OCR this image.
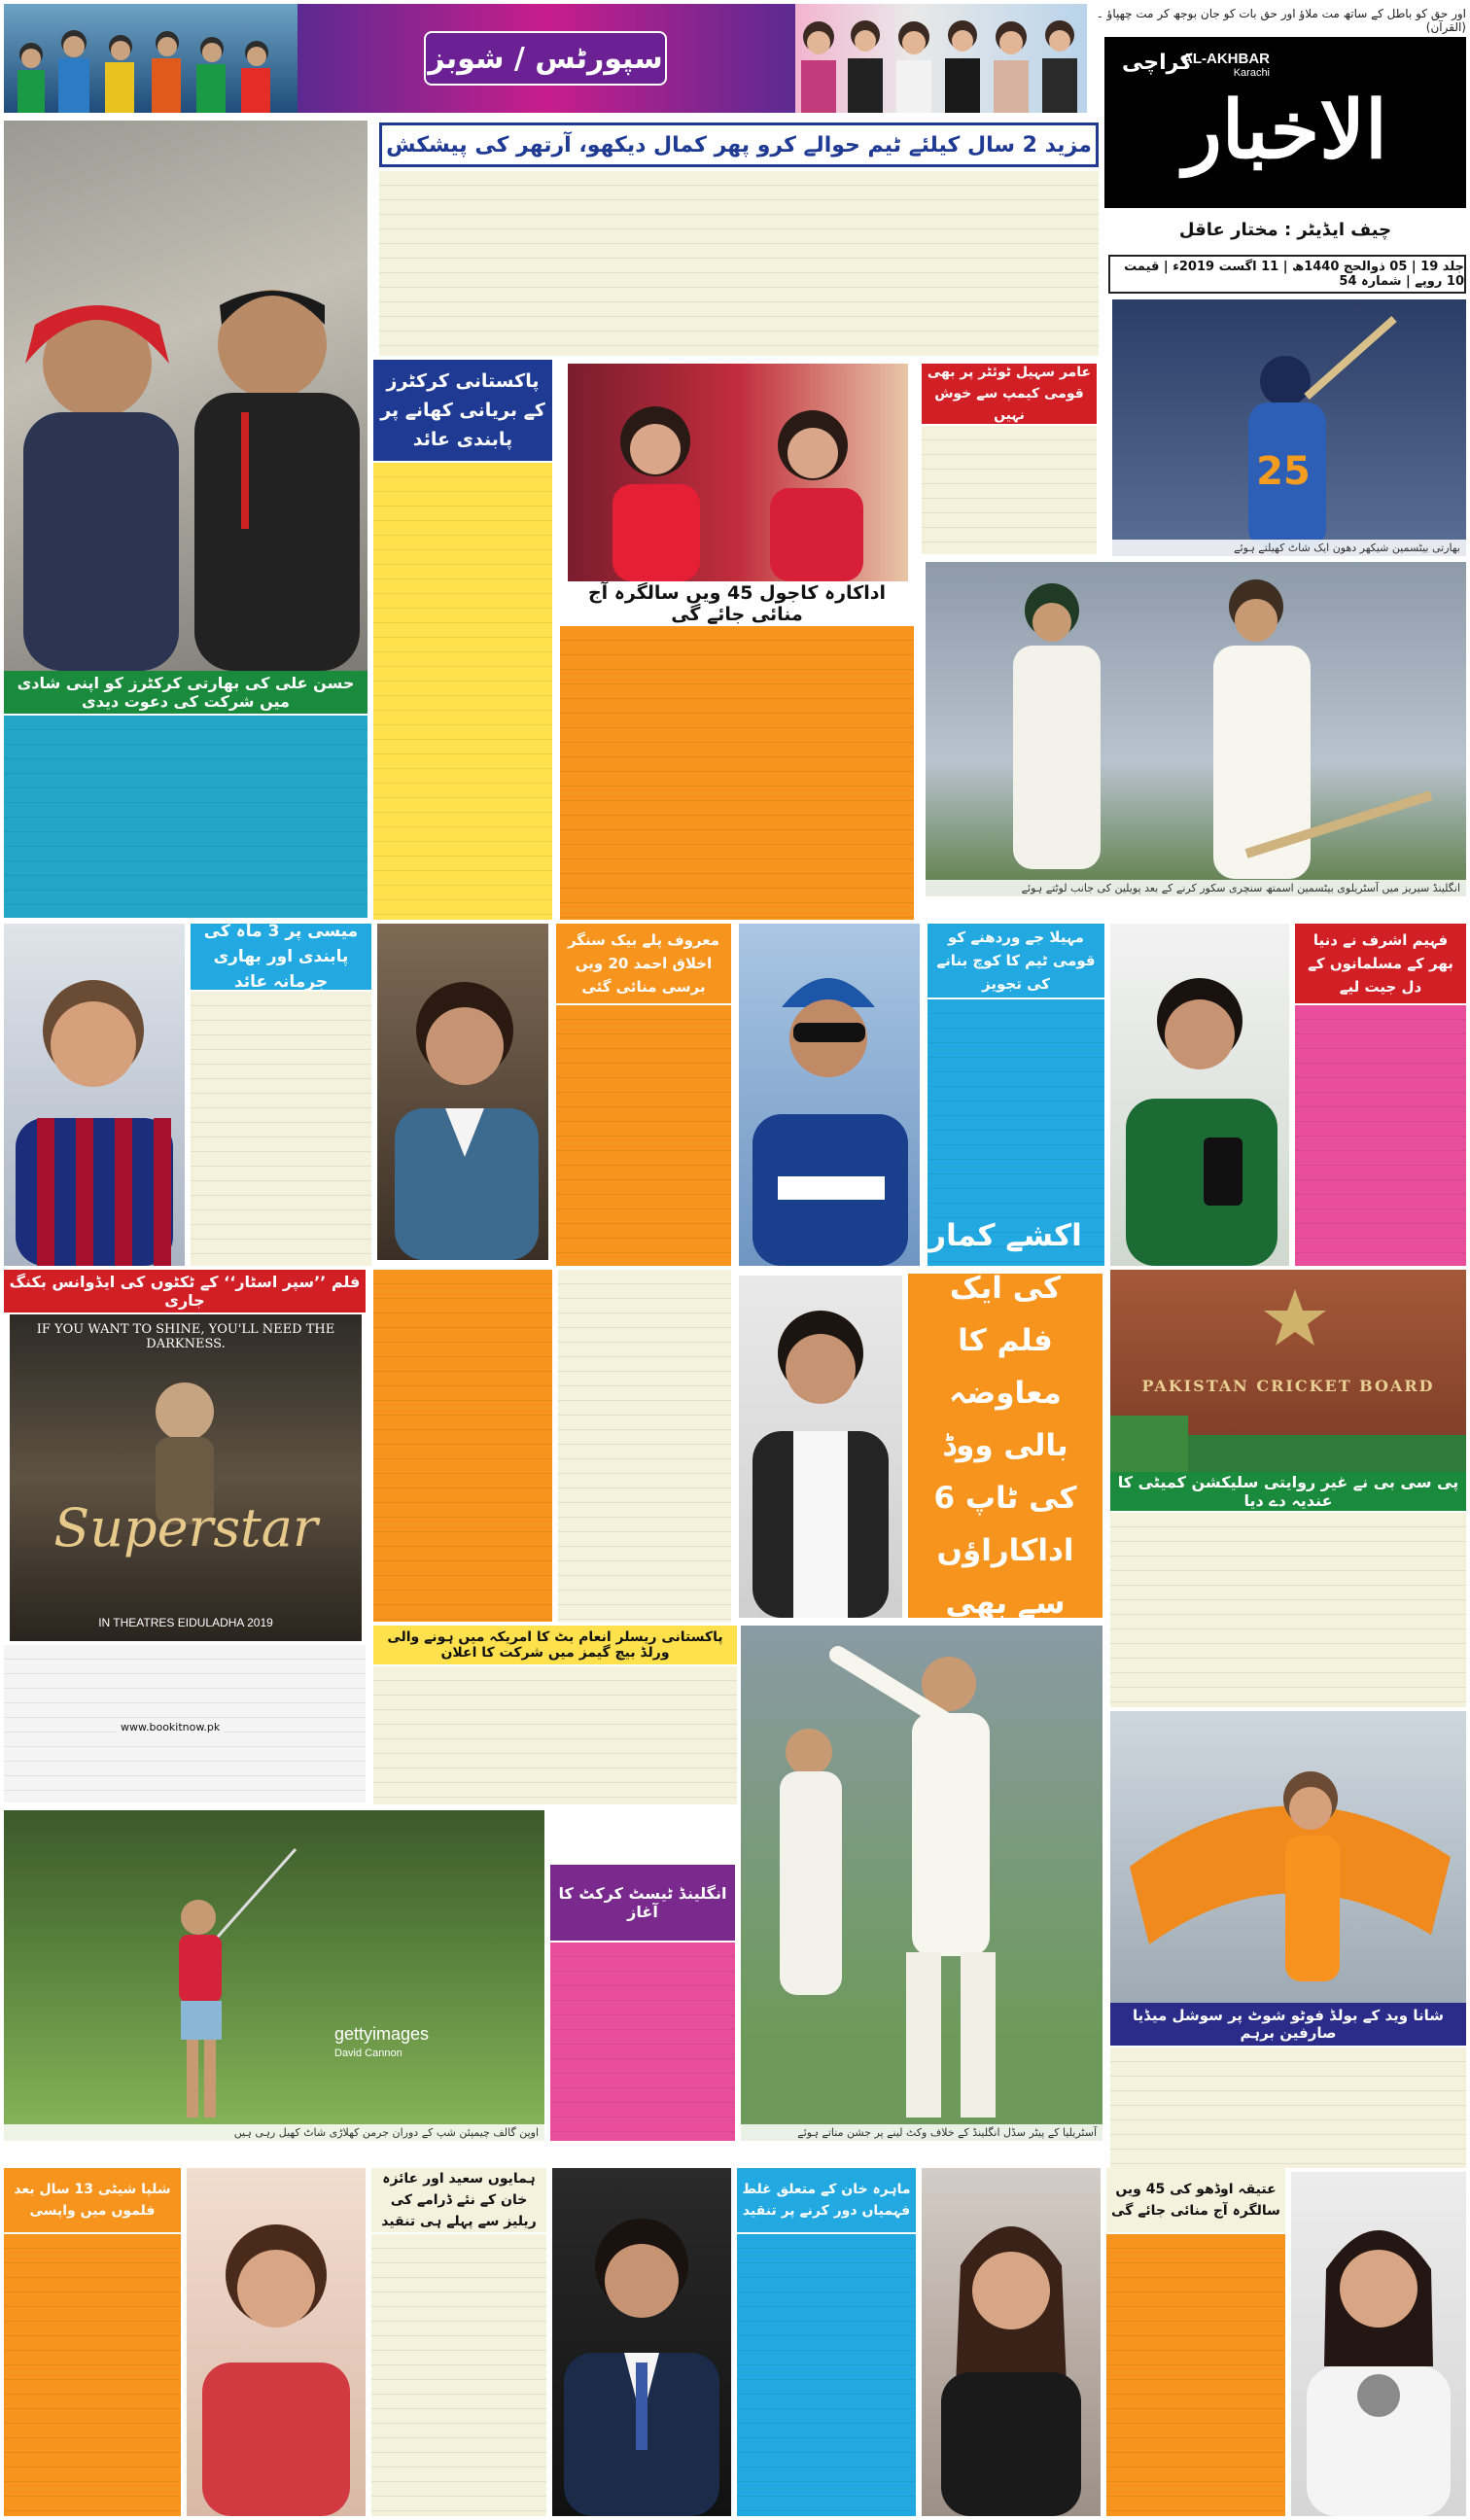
سپورٹس / شوبز
اور حق کو باطل کے ساتھ مت ملاؤ اور حق بات کو جان بوجھ کر مت چھپاؤ ۔ (القرآن)
AL-AKHBAR
Karachi
کراچی
الاخبار
چیف ایڈیٹر : مختار عاقل
جلد 19 | 05 ذوالحج 1440ھ | 11 اگست 2019ء | قیمت 10 روپے | شمارہ 54
حسن علی کی بھارتی کرکٹرز کو اپنی شادی میں شرکت کی دعوت دیدی
مزید 2 سال کیلئے ٹیم حوالے کرو پھر کمال دیکھو، آرتھر کی پیشکش
پاکستانی کرکٹرز کے بریانی کھانے پر پابندی عائد
اداکارہ کاجول 45 ویں سالگرہ آج منائی جائے گی
عامر سہیل ٹوئٹر پر بھی قومی کیمپ سے خوش نہیں
25
بھارتی بیٹسمین شیکھر دھون ایک شاٹ کھیلتے ہوئے
انگلینڈ سیریز میں آسٹریلوی بیٹسمین اسمتھ سنچری سکور کرنے کے بعد پویلین کی جانب لوٹتے ہوئے
میسی پر 3 ماہ کی پابندی اور بھاری جرمانہ عائد
معروف پلے بیک سنگر اخلاق احمد 20 ویں برسی منائی گئی
مہیلا جے وردھنے کو قومی ٹیم کا کوچ بنانے کی تجویز
فہیم اشرف نے دنیا بھر کے مسلمانوں کے دل جیت لیے
فلم ’’سپر اسٹار‘‘ کے ٹکٹوں کی ایڈوانس بکنگ جاری
IF YOU WANT TO SHINE, YOU'LL NEED THE DARKNESS.
Superstar
IN THEATRES EIDULADHA 2019
www.bookitnow.pk
اکشے کمار کی ایک فلم کا معاوضہ بالی ووڈ کی ٹاپ 6 اداکاراؤں سے بھی
PAKISTAN CRICKET BOARD
پی سی بی نے غیر روایتی سلیکشن کمیٹی کا عندیہ دے دیا
پاکستانی ریسلر انعام بٹ کا امریکہ میں ہونے والی ورلڈ بیچ گیمز میں شرکت کا اعلان
آسٹریلیا کے پیٹر سڈل انگلینڈ کے خلاف وکٹ لینے پر جشن مناتے ہوئے
شانا وید کے بولڈ فوٹو شوٹ پر سوشل میڈیا صارفین برہم
gettyimages
David Cannon
اوپن گالف چیمپئن شپ کے دوران جرمن کھلاڑی شاٹ کھیل رہی ہیں
انگلینڈ ٹیسٹ کرکٹ کا آغاز
شلپا شیٹی 13 سال بعد فلموں میں واپسی
ہمایوں سعید اور عائزہ خان کے نئے ڈرامے کی ریلیز سے پہلے ہی تنقید
ماہرہ خان کے متعلق غلط فہمیاں دور کرنے پر تنقید
عتیقہ اوڈھو کی 45 ویں سالگرہ آج منائی جائے گی
